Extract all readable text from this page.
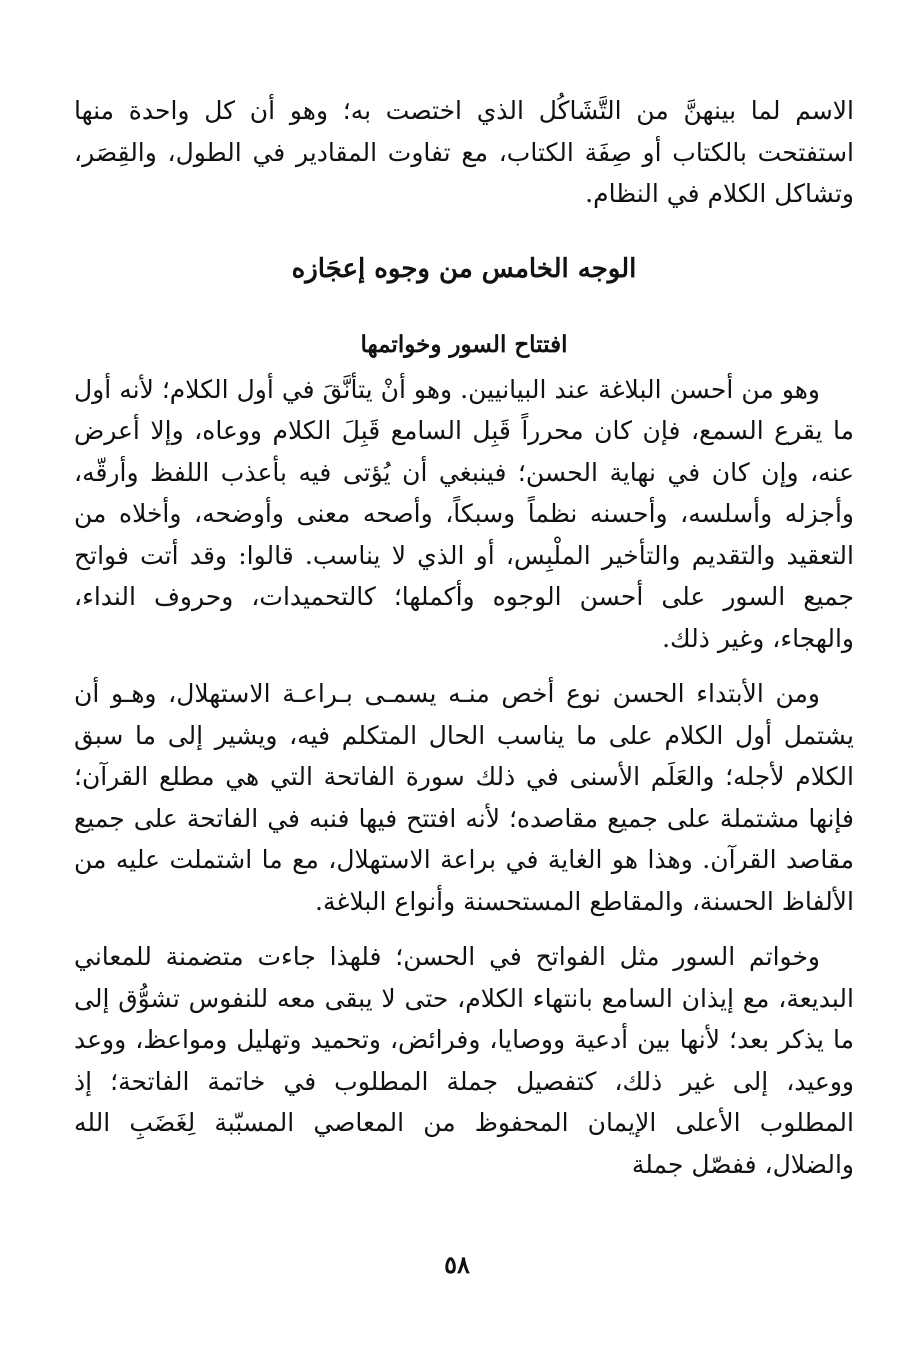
الاسم لما بينهنَّ من التَّشَاكُل الذي اختصت به؛ وهو أن كل واحدة منها استفتحت بالكتاب أو صِفَة الكتاب، مع تفاوت المقادير في الطول، والقِصَر، وتشاكل الكلام في النظام.

الوجه الخامس من وجوه إعجَازه
افتتاح السور وخواتمها

وهو من أحسن البلاغة عند البيانيين. وهو أنْ يتأنَّقَ في أول الكلام؛ لأنه أول ما يقرع السمع، فإن كان محرراً قَبِل السامع قَبِلَ الكلام ووعاه، وإلا أعرض عنه، وإن كان في نهاية الحسن؛ فينبغي أن يُؤتى فيه بأعذب اللفظ وأرقّه، وأجزله وأسلسه، وأحسنه نظماً وسبكاً، وأصحه معنى وأوضحه، وأخلاه من التعقيد والتقديم والتأخير الملْبِس، أو الذي لا يناسب. قالوا: وقد أتت فواتح جميع السور على أحسن الوجوه وأكملها؛ كالتحميدات، وحروف النداء، والهجاء، وغير ذلك.

ومن الأبتداء الحسن نوع أخص منـه يسمـى بـراعـة الاستهلال، وهـو أن يشتمل أول الكلام على ما يناسب الحال المتكلم فيه، ويشير إلى ما سبق الكلام لأجله؛ والعَلَم الأسنى في ذلك سورة الفاتحة التي هي مطلع القرآن؛ فإنها مشتملة على جميع مقاصده؛ لأنه افتتح فيها فنبه في الفاتحة على جميع مقاصد القرآن. وهذا هو الغاية في براعة الاستهلال، مع ما اشتملت عليه من الألفاظ الحسنة، والمقاطع المستحسنة وأنواع البلاغة.

وخواتم السور مثل الفواتح في الحسن؛ فلهذا جاءت متضمنة للمعاني البديعة، مع إيذان السامع بانتهاء الكلام، حتى لا يبقى معه للنفوس تشوُّق إلى ما يذكر بعد؛ لأنها بين أدعية ووصايا، وفرائض، وتحميد وتهليل ومواعظ، ووعد ووعيد، إلى غير ذلك، كتفصيل جملة المطلوب في خاتمة الفاتحة؛ إذ المطلوب الأعلى الإيمان المحفوظ من المعاصي المسبّبة لِغَضَبِ الله والضلال، ففصّل جملة

٥٨
